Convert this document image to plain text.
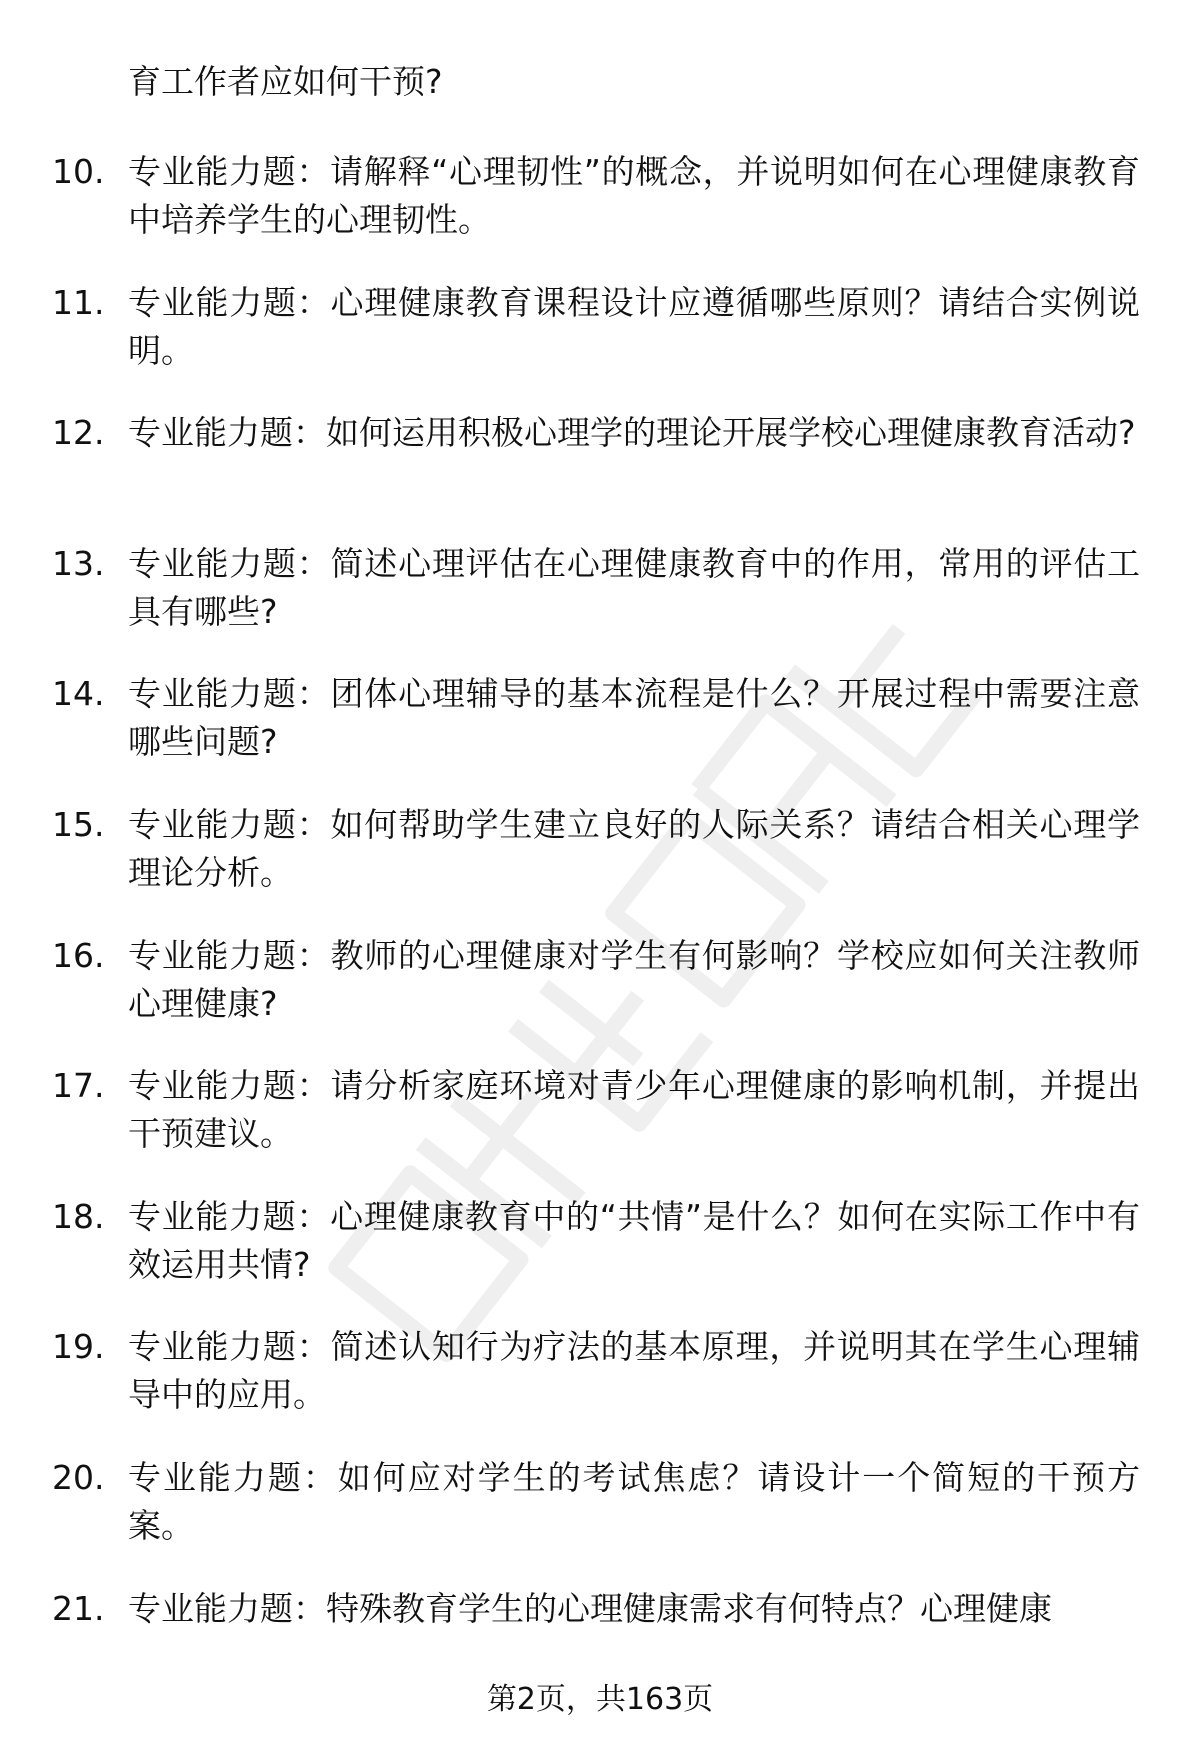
育工作者应如何干预?

10. 专业能力题：请解释“心理韧性”的概念，并说明如何在心理健康教育中培养学生的心理韧性。
11. 专业能力题：心理健康教育课程设计应遵循哪些原则？请结合实例说明。
12. 专业能力题：如何运用积极心理学的理论开展学校心理健康教育活动?
13. 专业能力题：简述心理评估在心理健康教育中的作用，常用的评估工具有哪些?
14. 专业能力题：团体心理辅导的基本流程是什么？开展过程中需要注意哪些问题?
15. 专业能力题：如何帮助学生建立良好的人际关系？请结合相关心理学理论分析。
16. 专业能力题：教师的心理健康对学生有何影响？学校应如何关注教师心理健康?
17. 专业能力题：请分析家庭环境对青少年心理健康的影响机制，并提出干预建议。
18. 专业能力题：心理健康教育中的“共情”是什么？如何在实际工作中有效运用共情?
19. 专业能力题：简述认知行为疗法的基本原理，并说明其在学生心理辅导中的应用。
20. 专业能力题：如何应对学生的考试焦虑？请设计一个简短的干预方案。
21. 专业能力题：特殊教育学生的心理健康需求有何特点？心理健康
第2页，共163页
